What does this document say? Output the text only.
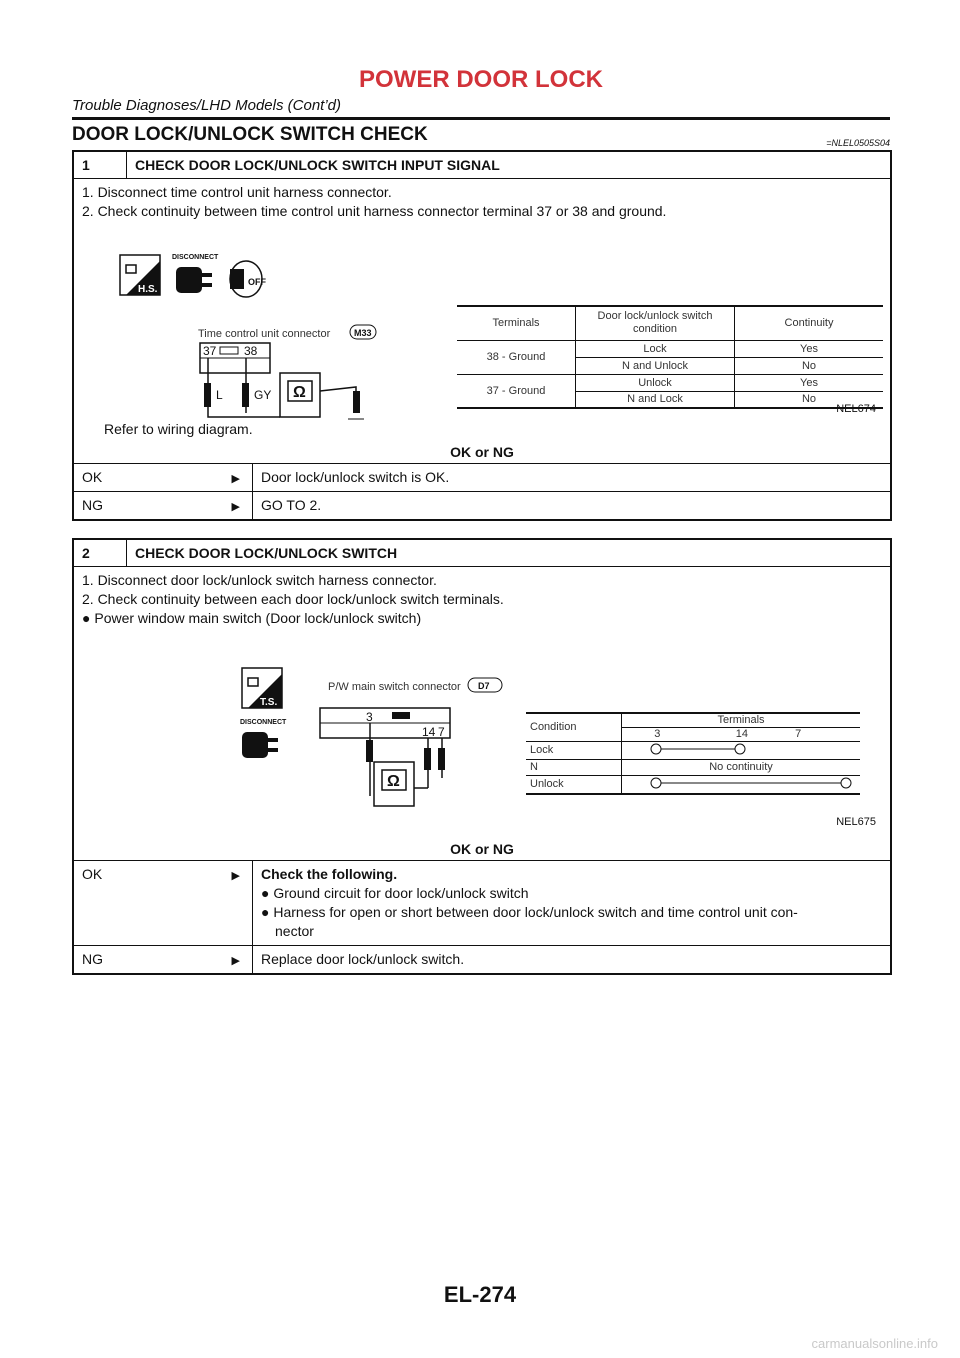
POWER DOOR LOCK
Trouble Diagnoses/LHD Models (Cont’d)
DOOR LOCK/UNLOCK SWITCH CHECK	=NLEL0505S04
1	CHECK DOOR LOCK/UNLOCK SWITCH INPUT SIGNAL
1. Disconnect time control unit harness connector.
2. Check continuity between time control unit harness connector terminal 37 or 38 and ground.
H.S.
DISCONNECT
OFF
Time control unit connector	M33
37 38
L	GY Ω
Terminals	Door lock/unlock switch condition	Continuity
38 - Ground	Lock	Yes
	N and Unlock	No
37 - Ground	Unlock	Yes
	N and Lock	No
NEL674
Refer to wiring diagram.
OK or NG
OK	▶	Door lock/unlock switch is OK.
NG	▶	GO TO 2.
2	CHECK DOOR LOCK/UNLOCK SWITCH
1. Disconnect door lock/unlock switch harness connector.
2. Check continuity between each door lock/unlock switch terminals.
● Power window main switch (Door lock/unlock switch)
T.S.
DISCONNECT
P/W main switch connector D7
3
14 7
Ω
Condition	Terminals		
	3	14	7
Lock	
N	No continuity		
Unlock	
NEL675
OK or NG
OK	▶ Check the following.
● Ground circuit for door lock/unlock switch
● Harness for open or short between door lock/unlock switch and time control unit con-
nector
NG	▶	Replace door lock/unlock switch.
EL-274
carmanualsonline.info
